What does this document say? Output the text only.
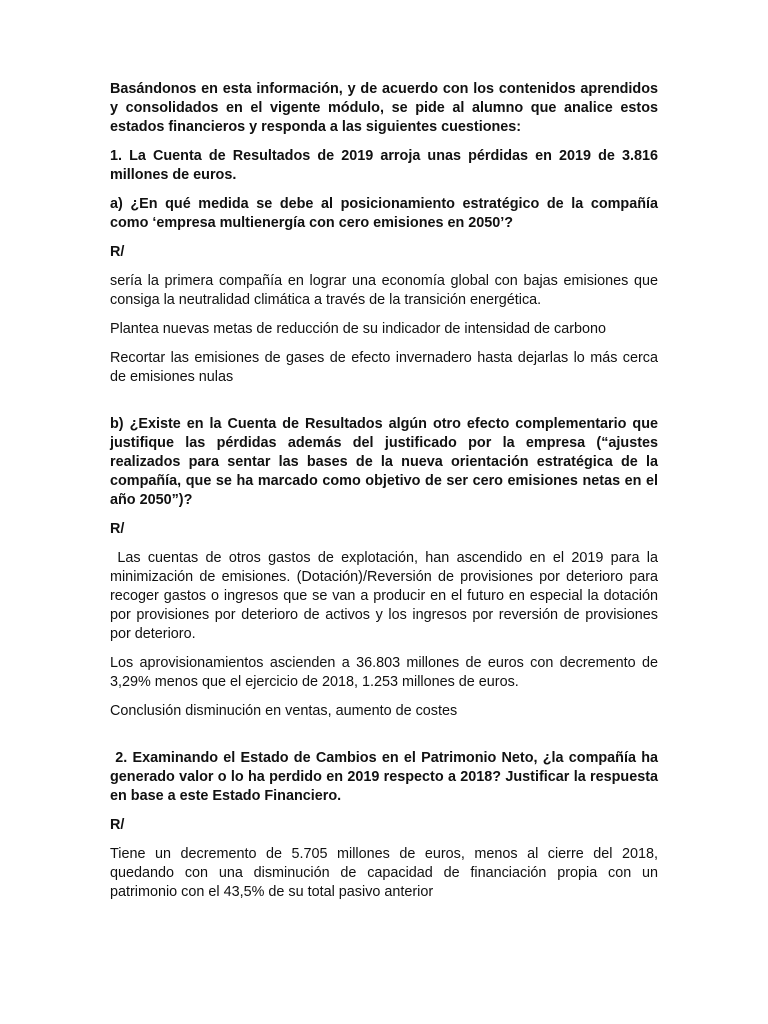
Basándonos en esta información, y de acuerdo con los contenidos aprendidos y consolidados en el vigente módulo, se pide al alumno que analice estos estados financieros y responda a las siguientes cuestiones:

1. La Cuenta de Resultados de 2019 arroja unas pérdidas en 2019 de 3.816 millones de euros.

a) ¿En qué medida se debe al posicionamiento estratégico de la compañía como ‘empresa multienergía con cero emisiones en 2050’?

R/

sería la primera compañía en lograr una economía global con bajas emisiones que consiga la neutralidad climática a través de la transición energética.

Plantea nuevas metas de reducción de su indicador de intensidad de carbono

Recortar las emisiones de gases de efecto invernadero hasta dejarlas lo más cerca de emisiones nulas

b) ¿Existe en la Cuenta de Resultados algún otro efecto complementario que justifique las pérdidas además del justificado por la empresa (“ajustes realizados para sentar las bases de la nueva orientación estratégica de la compañía, que se ha marcado como objetivo de ser cero emisiones netas en el año 2050”)?

R/

Las cuentas de otros gastos de explotación, han ascendido en el 2019 para la minimización de emisiones. (Dotación)/Reversión de provisiones por deterioro para recoger gastos o ingresos que se van a producir en el futuro en especial la dotación por provisiones por deterioro de activos y los ingresos por reversión de provisiones por deterioro.

Los aprovisionamientos ascienden a 36.803 millones de euros con decremento de 3,29% menos que el ejercicio de 2018, 1.253 millones de euros.

Conclusión disminución en ventas, aumento de costes

2. Examinando el Estado de Cambios en el Patrimonio Neto, ¿la compañía ha generado valor o lo ha perdido en 2019 respecto a 2018? Justificar la respuesta en base a este Estado Financiero.

R/

Tiene un decremento de 5.705 millones de euros, menos al cierre del 2018, quedando con una disminución de capacidad de financiación propia con un patrimonio con el 43,5% de su total pasivo anterior
